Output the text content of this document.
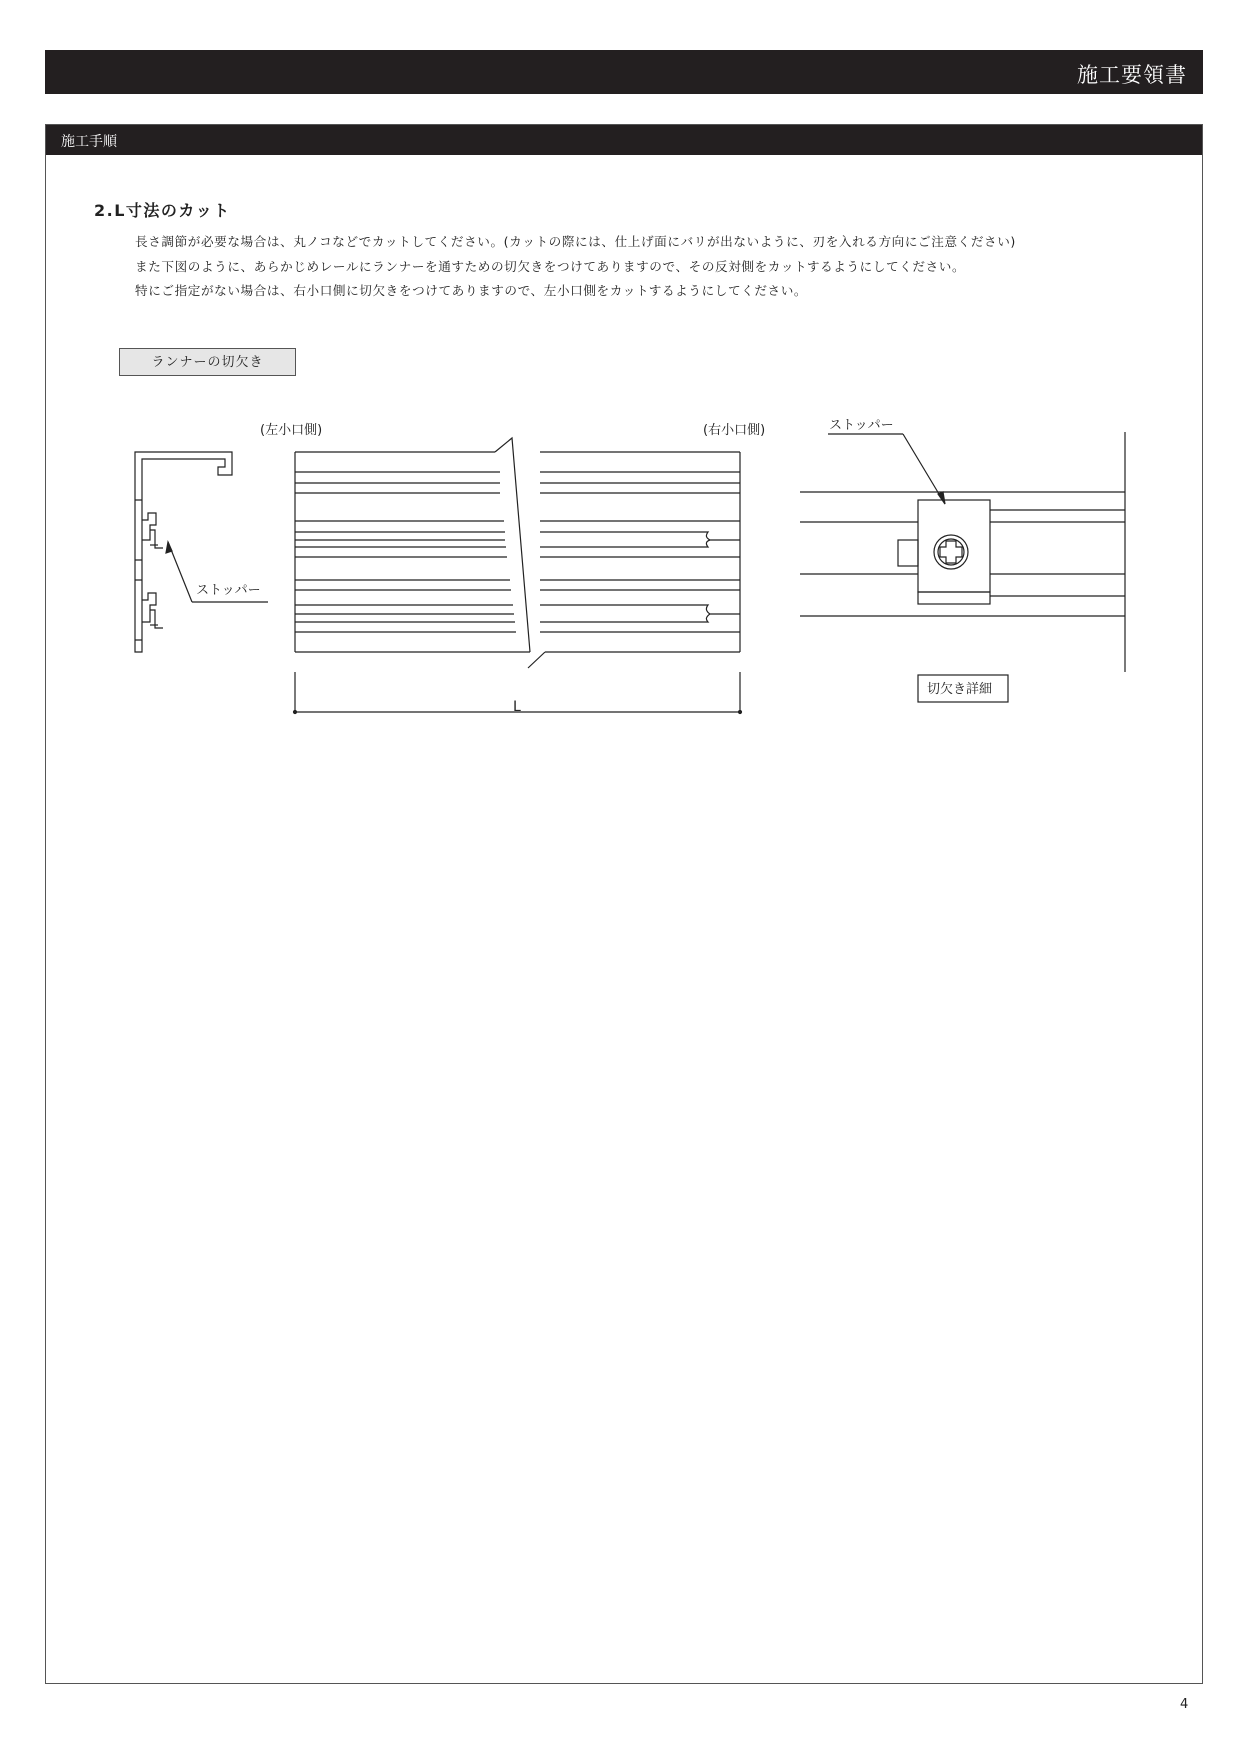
施工要領書
施工手順
2.L寸法のカット
長さ調節が必要な場合は、丸ノコなどでカットしてください。(カットの際には、仕上げ面にバリが出ないように、刃を入れる方向にご注意ください)
また下図のように、あらかじめレールにランナーを通すための切欠きをつけてありますので、その反対側をカットするようにしてください。
特にご指定がない場合は、右小口側に切欠きをつけてありますので、左小口側をカットするようにしてください。
ランナーの切欠き
(左小口側)	(右小口側)
ストッパー
ストッパー
L
切欠き詳細
4
